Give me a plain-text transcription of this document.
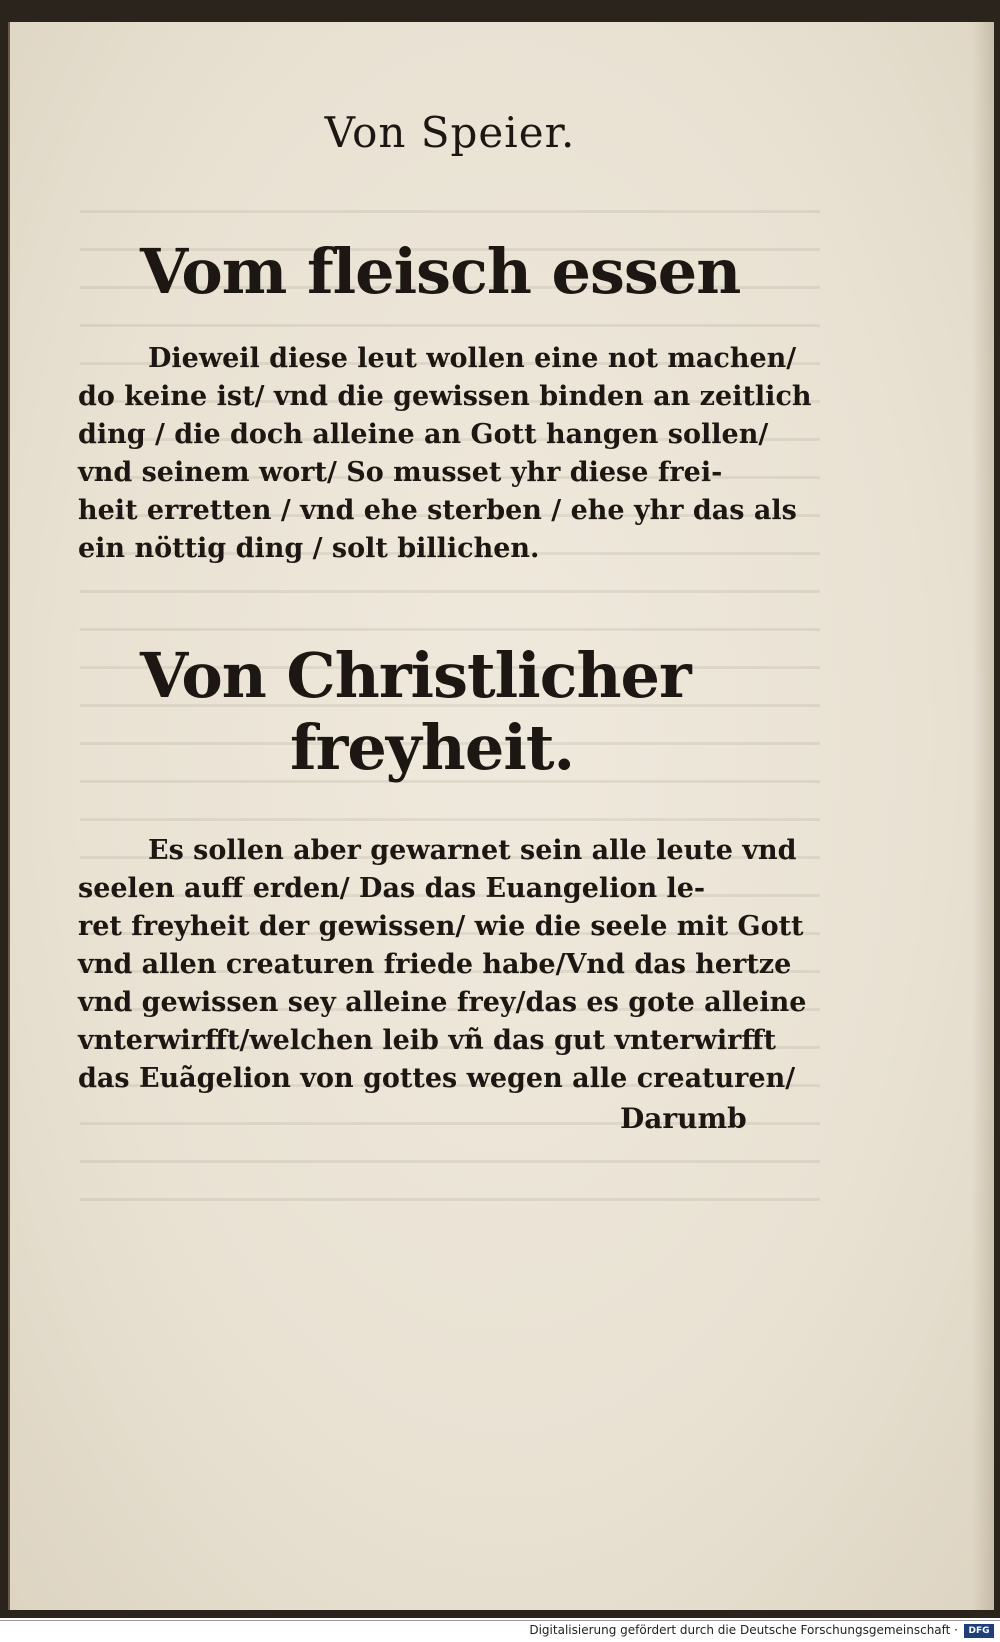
Von Speier.
Vom fleisch essen
Dieweil diese leut wollen eine not machen/
do keine ist/ vnd die gewissen binden an zeitlich
ding / die doch alleine an Gott hangen sollen/
vnd seinem wort/ So musset yhr diese frei-
heit erretten / vnd ehe sterben / ehe yhr das als
ein nöttig ding / solt billichen.
Von Christlicher
freyheit.
Es sollen aber gewarnet sein alle leute vnd
seelen auff erden/ Das das Euangelion le-
ret freyheit der gewissen/ wie die seele mit Gott
vnd allen creaturen friede habe/Vnd das hertze
vnd gewissen sey alleine frey/das es gote alleine
vnterwirfft/welchen leib vñ das gut vnterwirfft
das Euãgelion von gottes wegen alle creaturen/
Darumb
Digitalisierung gefördert durch die Deutsche Forschungsgemeinschaft ·	DFG
